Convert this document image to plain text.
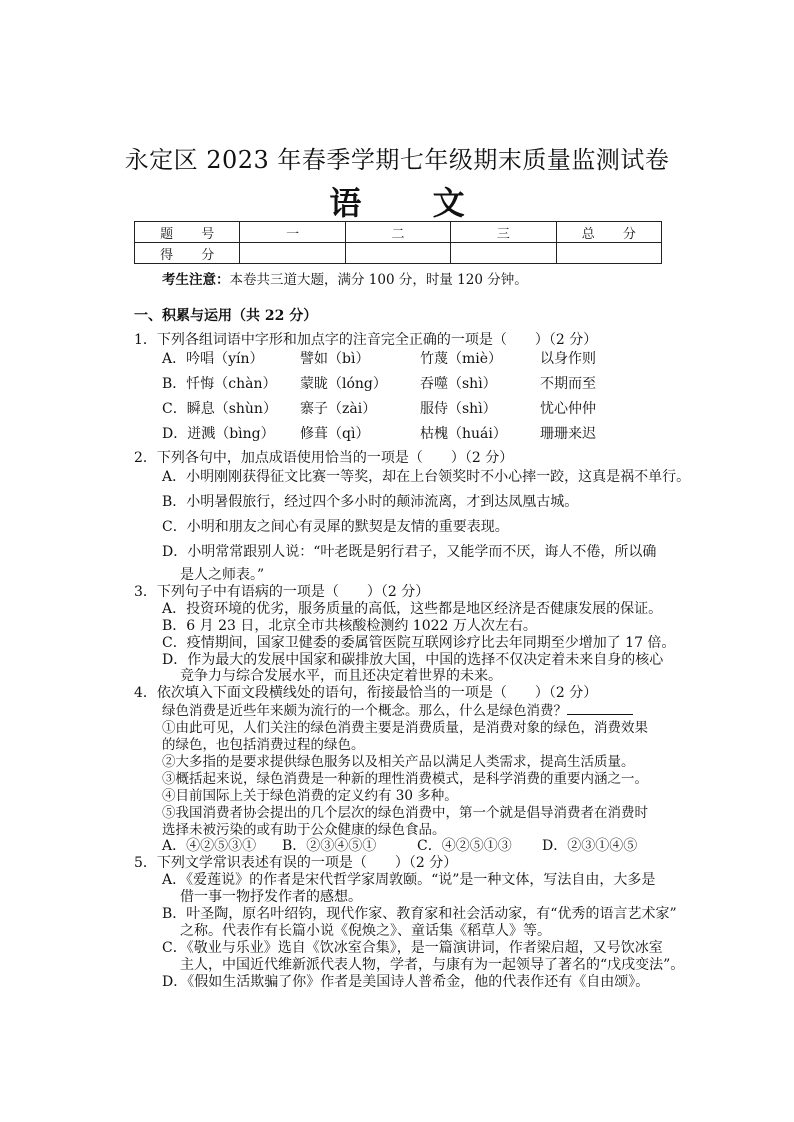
永定区 2023 年春季学期七年级期末质量监测试卷
语 文
题 号	一	二	三	总 分
得 分				
考生注意：本卷共三道大题，满分 100 分，时量 120 分钟。
一、积累与运用（共 22 分）
1．下列各组词语中字形和加点字的注音完全正确的一项是（　　）（2 分）
A．吟唱（yín）	譬如（bì）	竹蔑（miè）	以身作则
B．忏悔（chàn） 蒙眬（lóng） 吞噬（shì）	不期而至
C．瞬息（shùn） 寨子（zài）	服侍（shì）	忧心仲仲
D．迸溅（bìng） 修葺（qì）	枯槐（huái） 珊珊来迟
2．下列各句中，加点成语使用恰当的一项是（　　）（2 分）
A．小明刚刚获得征文比赛一等奖，却在上台领奖时不小心摔一跤，这真是祸不单行。
B．小明暑假旅行，经过四个多小时的颠沛流离，才到达凤凰古城。
C．小明和朋友之间心有灵犀的默契是友情的重要表现。
D．小明常常跟别人说：“叶老既是躬行君子，又能学而不厌，诲人不倦，所以确
是人之师表。”
3．下列句子中有语病的一项是（　　）（2 分）
A．投资环境的优劣，服务质量的高低，这些都是地区经济是否健康发展的保证。
B．6 月 23 日，北京全市共核酸检测约 1022 万人次左右。
C．疫情期间，国家卫健委的委属管医院互联网诊疗比去年同期至少增加了 17 倍。
D．作为最大的发展中国家和碳排放大国，中国的选择不仅决定着未来自身的核心
竞争力与综合发展水平，而且还决定着世界的未来。
4．依次填入下面文段横线处的语句，衔接最恰当的一项是（　　）（2 分）
绿色消费是近些年来颇为流行的一个概念。那么，什么是绿色消费？
①由此可见，人们关注的绿色消费主要是消费质量，是消费对象的绿色，消费效果
的绿色，也包括消费过程的绿色。
②大多指的是要求提供绿色服务以及相关产品以满足人类需求，提高生活质量。
③概括起来说，绿色消费是一种新的理性消费模式，是科学消费的重要内涵之一。
④目前国际上关于绿色消费的定义约有 30 多种。
⑤我国消费者协会提出的几个层次的绿色消费中，第一个就是倡导消费者在消费时
选择未被污染的或有助于公众健康的绿色食品。
A．④②⑤③① B．②③④⑤①	C．④②⑤①③ D．②③①④⑤
5．下列文学常识表述有误的一项是（　　）（2 分）
A．《爱莲说》的作者是宋代哲学家周敦颐。“说”是一种文体，写法自由，大多是
借一事一物抒发作者的感想。
B．叶圣陶，原名叶绍钧，现代作家、教育家和社会活动家，有“优秀的语言艺术家”
之称。代表作有长篇小说《倪焕之》、童话集《稻草人》等。
C．《敬业与乐业》选自《饮冰室合集》，是一篇演讲词，作者梁启超，又号饮冰室
主人，中国近代维新派代表人物，学者，与康有为一起领导了著名的“戊戌变法”。
D．《假如生活欺骗了你》作者是美国诗人普希金，他的代表作还有《自由颂》。
